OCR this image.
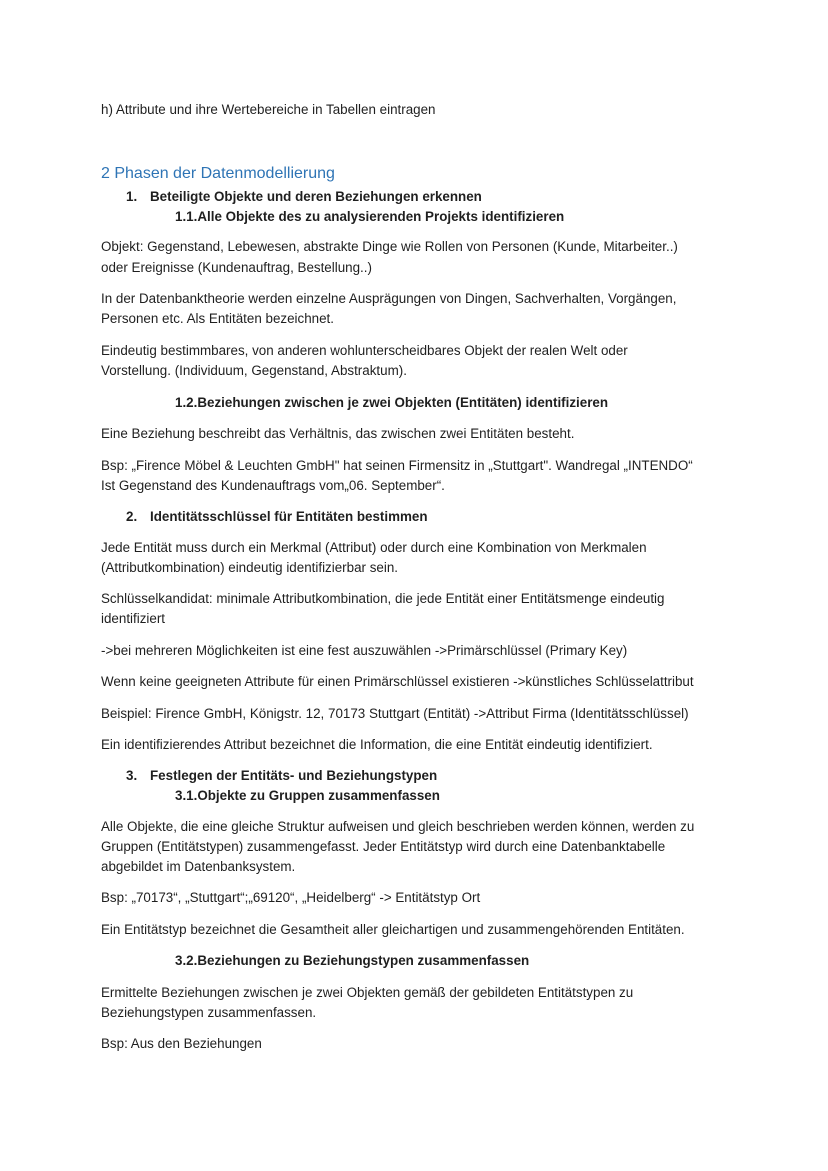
h) Attribute und ihre Wertebereiche in Tabellen eintragen
2 Phasen der Datenmodellierung
1. Beteiligte Objekte und deren Beziehungen erkennen
1.1.Alle Objekte des zu analysierenden Projekts identifizieren
Objekt: Gegenstand, Lebewesen, abstrakte Dinge wie Rollen von Personen (Kunde, Mitarbeiter..)
oder Ereignisse (Kundenauftrag, Bestellung..)
In der Datenbanktheorie werden einzelne Ausprägungen von Dingen, Sachverhalten, Vorgängen,
Personen etc. Als Entitäten bezeichnet.
Eindeutig bestimmbares, von anderen wohlunterscheidbares Objekt der realen Welt oder
Vorstellung. (Individuum, Gegenstand, Abstraktum).
1.2.Beziehungen zwischen je zwei Objekten (Entitäten) identifizieren
Eine Beziehung beschreibt das Verhältnis, das zwischen zwei Entitäten besteht.
Bsp: „Firence Möbel & Leuchten GmbH" hat seinen Firmensitz in „Stuttgart". Wandregal „INTENDO“
Ist Gegenstand des Kundenauftrags vom„06. September“.
2. Identitätsschlüssel für Entitäten bestimmen
Jede Entität muss durch ein Merkmal (Attribut) oder durch eine Kombination von Merkmalen
(Attributkombination) eindeutig identifizierbar sein.
Schlüsselkandidat: minimale Attributkombination, die jede Entität einer Entitätsmenge eindeutig
identifiziert
->bei mehreren Möglichkeiten ist eine fest auszuwählen ->Primärschlüssel (Primary Key)
Wenn keine geeigneten Attribute für einen Primärschlüssel existieren ->künstliches Schlüsselattribut
Beispiel: Firence GmbH, Königstr. 12, 70173 Stuttgart (Entität) ->Attribut Firma (Identitätsschlüssel)
Ein identifizierendes Attribut bezeichnet die Information, die eine Entität eindeutig identifiziert.
3. Festlegen der Entitäts- und Beziehungstypen
3.1.Objekte zu Gruppen zusammenfassen
Alle Objekte, die eine gleiche Struktur aufweisen und gleich beschrieben werden können, werden zu
Gruppen (Entitätstypen) zusammengefasst. Jeder Entitätstyp wird durch eine Datenbanktabelle
abgebildet im Datenbanksystem.
Bsp: „70173“, „Stuttgart“;„69120“, „Heidelberg“ -> Entitätstyp Ort
Ein Entitätstyp bezeichnet die Gesamtheit aller gleichartigen und zusammengehörenden Entitäten.
3.2.Beziehungen zu Beziehungstypen zusammenfassen
Ermittelte Beziehungen zwischen je zwei Objekten gemäß der gebildeten Entitätstypen zu
Beziehungstypen zusammenfassen.
Bsp: Aus den Beziehungen
